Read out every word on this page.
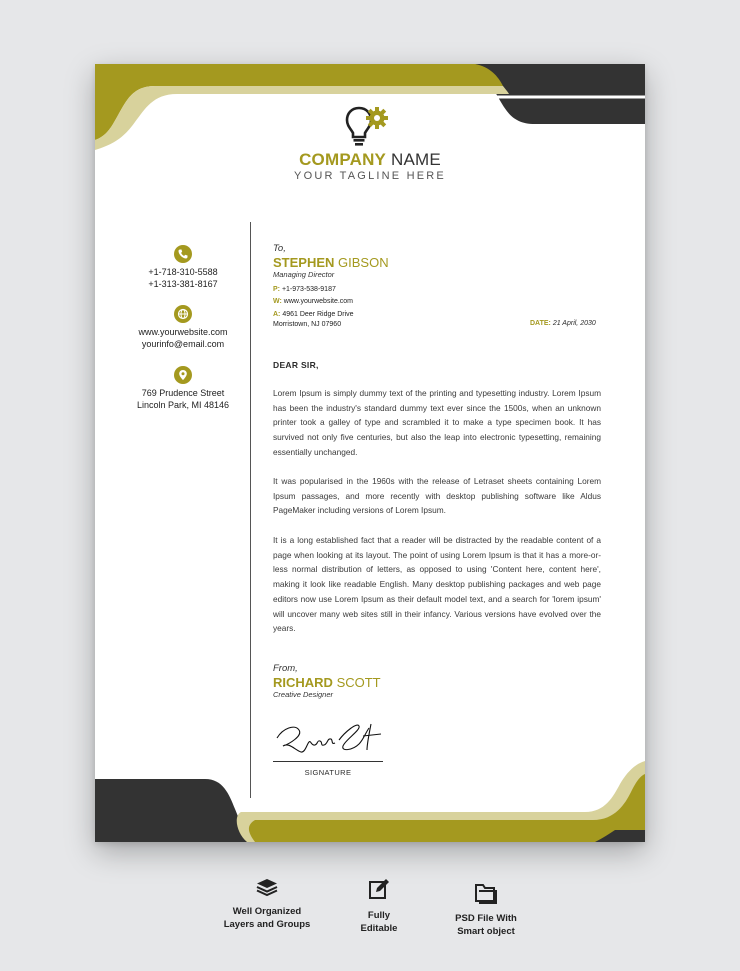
COMPANY NAME
YOUR TAGLINE HERE
+1-718-310-5588
+1-313-381-8167
www.yourwebsite.com
yourinfo@email.com
769 Prudence Street
Lincoln Park, MI 48146
To,
STEPHEN GIBSON
Managing Director
P: +1-973-538-9187
W: www.yourwebsite.com
A: 4961 Deer Ridge Drive
Morristown, NJ 07960	DATE: 21 April, 2030
DEAR SIR,

Lorem Ipsum is simply dummy text of the printing and typesetting industry. Lorem Ipsum has been the industry's standard dummy text ever since the 1500s, when an unknown printer took a galley of type and scrambled it to make a type specimen book. It has survived not only five centuries, but also the leap into electronic typesetting, remaining essentially unchanged.

It was popularised in the 1960s with the release of Letraset sheets containing Lorem Ipsum passages, and more recently with desktop publishing software like Aldus PageMaker including versions of Lorem Ipsum.

It is a long established fact that a reader will be distracted by the readable content of a page when looking at its layout. The point of using Lorem Ipsum is that it has a more-or-less normal distribution of letters, as opposed to using 'Content here, content here', making it look like readable English. Many desktop publishing packages and web page editors now use Lorem Ipsum as their default model text, and a search for 'lorem ipsum' will uncover many web sites still in their infancy. Various versions have evolved over the years.

From,
RICHARD SCOTT
Creative Designer
SIGNATURE
Well Organized
Layers and Groups
Fully
Editable
PSD File With
Smart object
